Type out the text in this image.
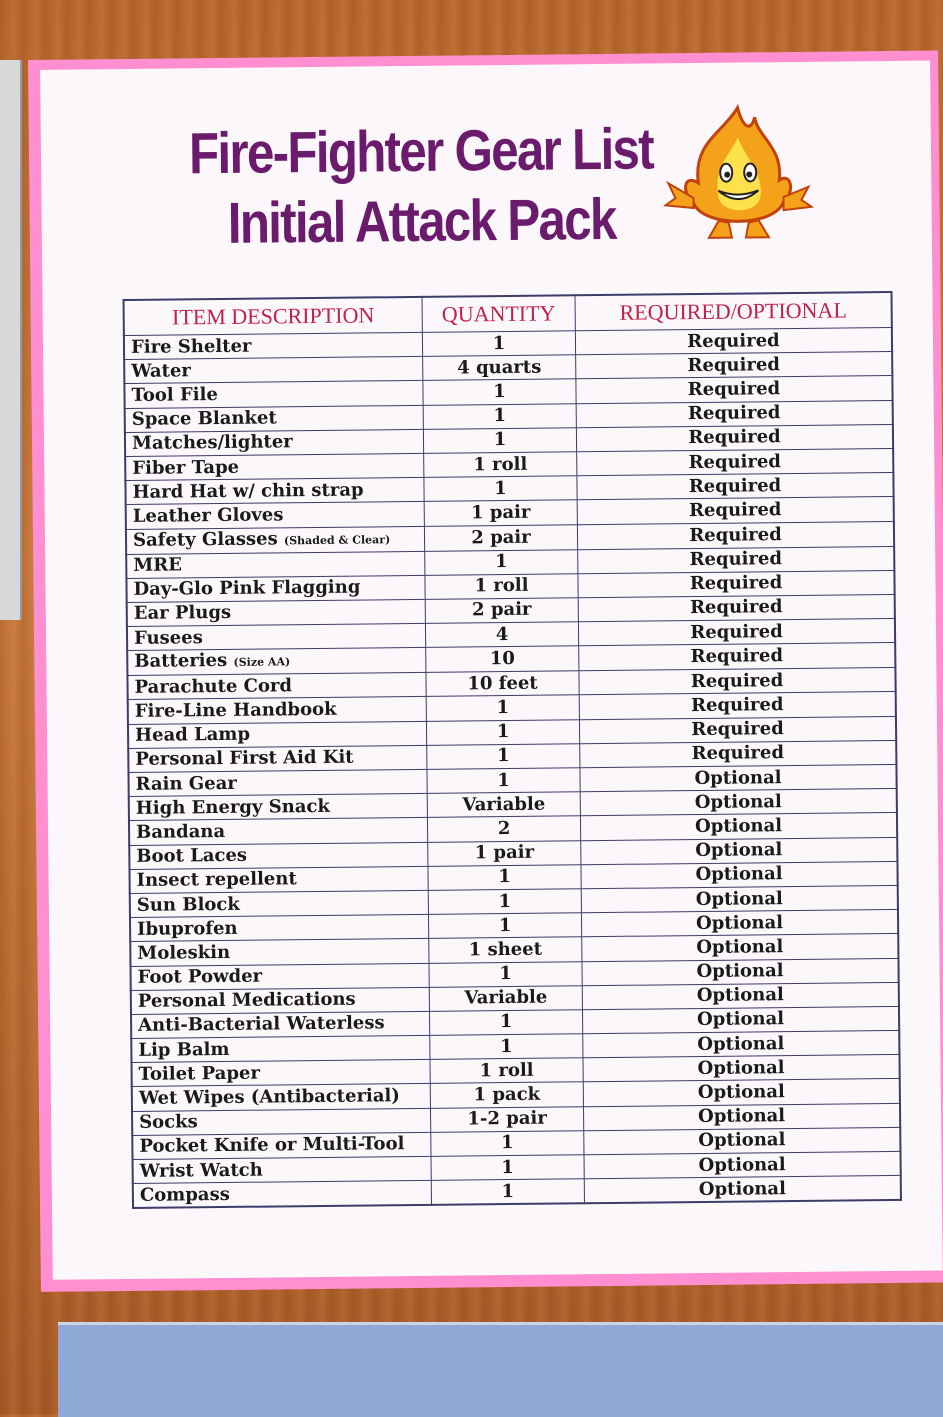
Fire-Fighter Gear List
Initial Attack Pack
ITEM DESCRIPTION	QUANTITY	REQUIRED/OPTIONAL
Fire Shelter	1	Required
Water	4 quarts	Required
Tool File	1	Required
Space Blanket	1	Required
Matches/lighter	1	Required
Fiber Tape	1 roll	Required
Hard Hat w/ chin strap	1	Required
Leather Gloves	1 pair	Required
Safety Glasses (Shaded & Clear)	2 pair	Required
MRE	1	Required
Day-Glo Pink Flagging	1 roll	Required
Ear Plugs	2 pair	Required
Fusees	4	Required
Batteries (Size AA)	10	Required
Parachute Cord	10 feet	Required
Fire-Line Handbook	1	Required
Head Lamp	1	Required
Personal First Aid Kit	1	Required
Rain Gear	1	Optional
High Energy Snack	Variable	Optional
Bandana	2	Optional
Boot Laces	1 pair	Optional
Insect repellent	1	Optional
Sun Block	1	Optional
Ibuprofen	1	Optional
Moleskin	1 sheet	Optional
Foot Powder	1	Optional
Personal Medications	Variable	Optional
Anti-Bacterial Waterless	1	Optional
Lip Balm	1	Optional
Toilet Paper	1 roll	Optional
Wet Wipes (Antibacterial)	1 pack	Optional
Socks	1-2 pair	Optional
Pocket Knife or Multi-Tool	1	Optional
Wrist Watch	1	Optional
Compass	1	Optional
